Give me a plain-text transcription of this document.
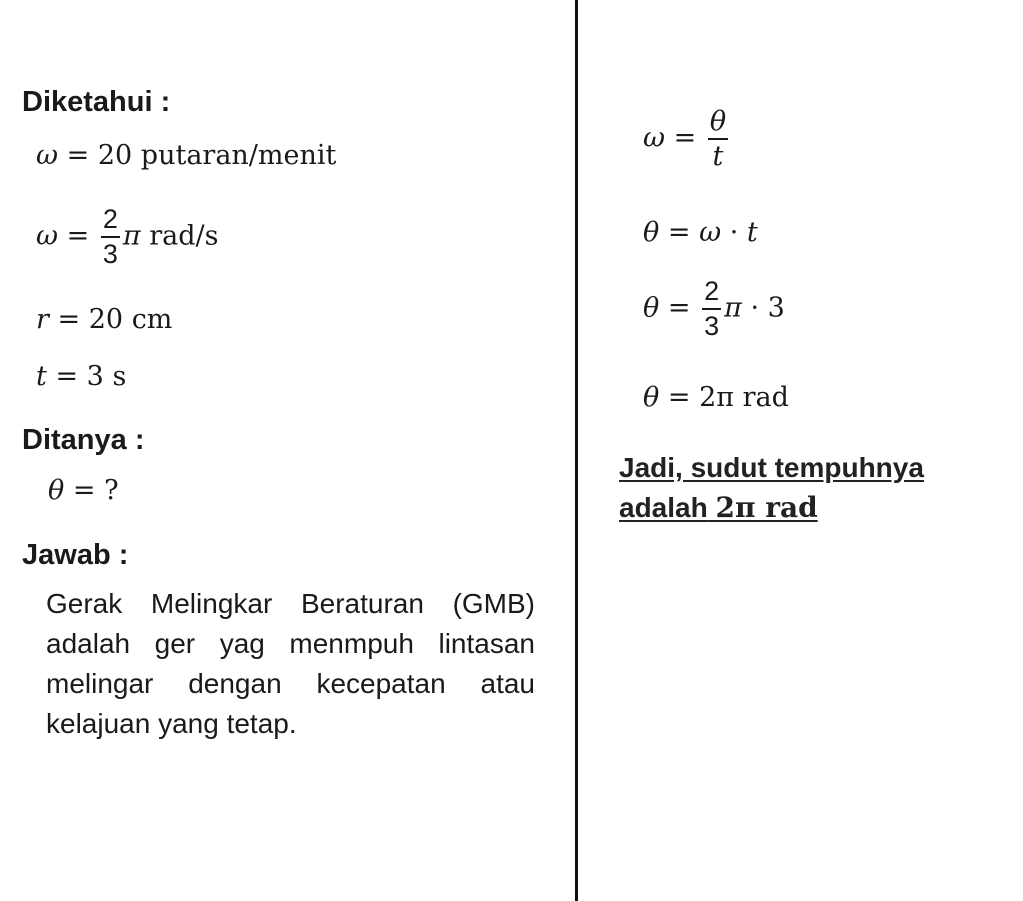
Diketahui :
ω = 20 putaran/menit
$\omega = \frac{2}{3}$ π rad/s
r = 20 cm
t = 3 s
Ditanya :
θ = ?
Jawab :
Gerak Melingkar Beraturan (GMB) adalah ger yag menmpuh lintasan melingar dengan kecepatan atau kelajuan yang tetap.
$\omega = \frac{\theta}{t}$
θ = ω · t
$\theta = \frac{2}{3}$ π · 3
θ = 2π rad
Jadi, sudut tempuhnya adalah 2π rad
